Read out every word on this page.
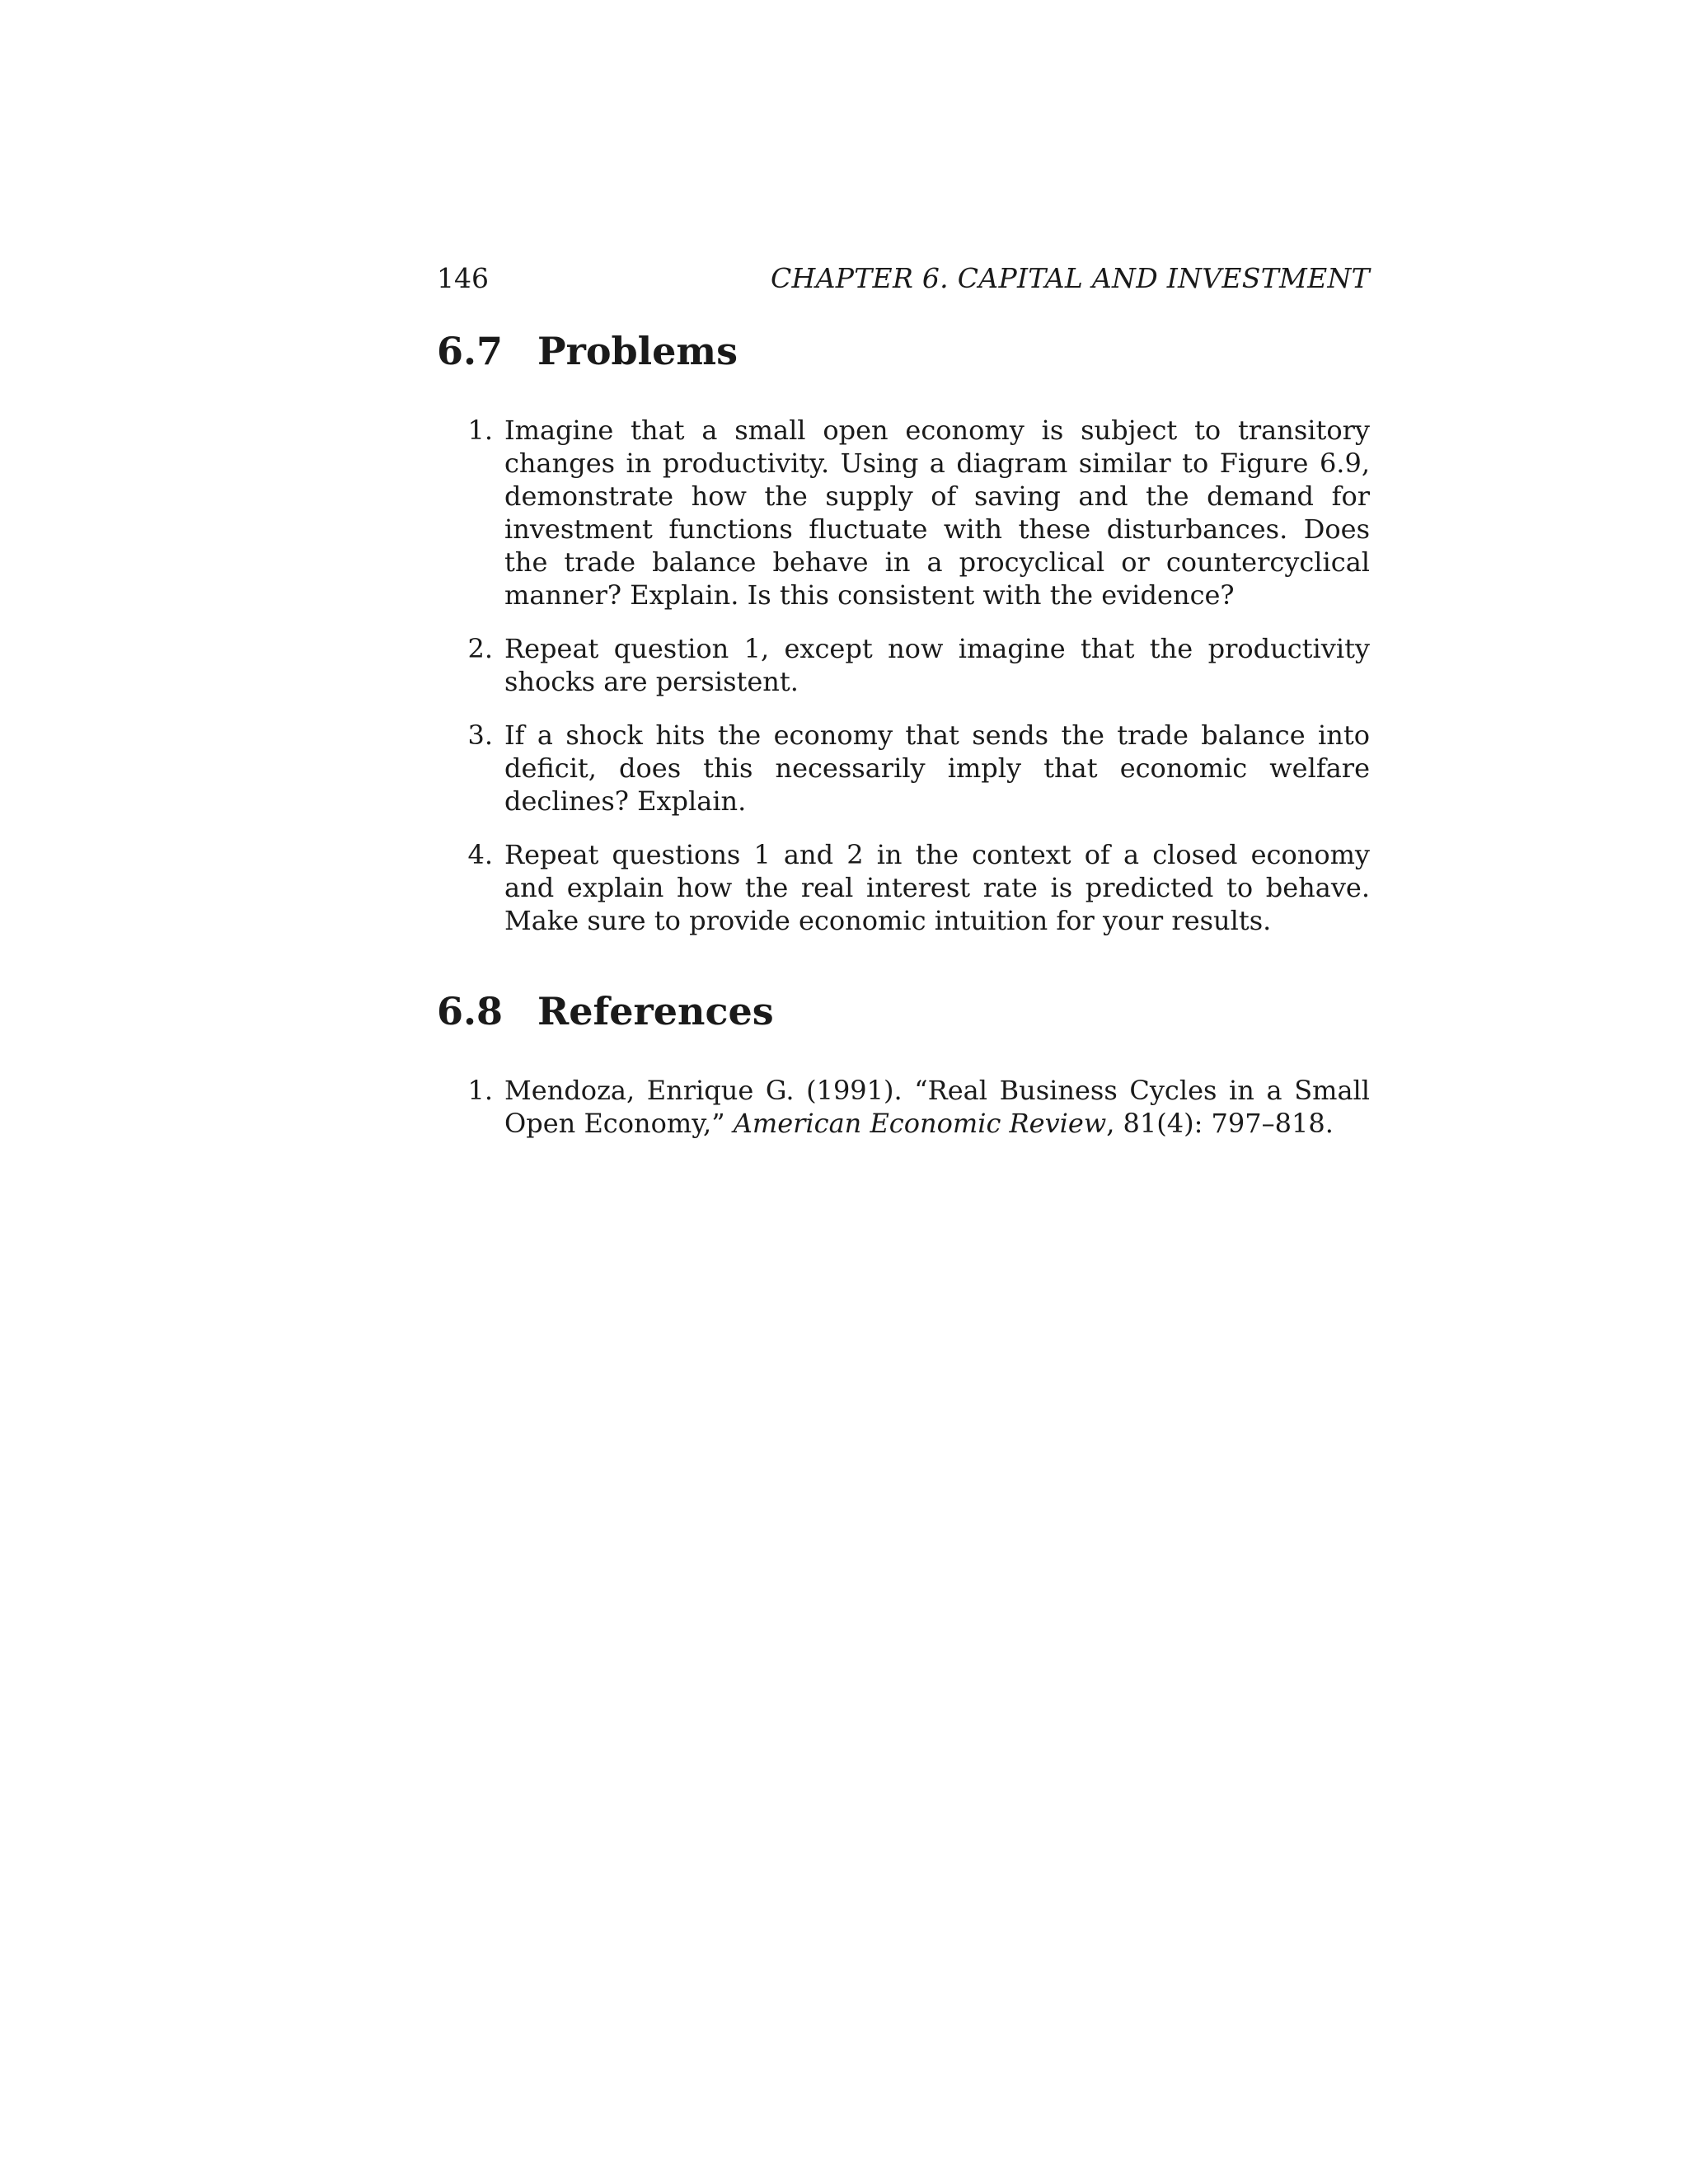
146	CHAPTER 6. CAPITAL AND INVESTMENT
6.7 Problems
1. Imagine that a small open economy is subject to transitory changes in productivity. Using a diagram similar to Figure 6.9, demonstrate how the supply of saving and the demand for investment functions fluctuate with these disturbances. Does the trade balance behave in a procyclical or countercyclical manner? Explain. Is this consistent with the evidence?
2. Repeat question 1, except now imagine that the productivity shocks are persistent.
3. If a shock hits the economy that sends the trade balance into deficit, does this necessarily imply that economic welfare declines? Explain.
4. Repeat questions 1 and 2 in the context of a closed economy and explain how the real interest rate is predicted to behave. Make sure to provide economic intuition for your results.
6.8 References
1. Mendoza, Enrique G. (1991). “Real Business Cycles in a Small Open Economy,” American Economic Review, 81(4): 797–818.
